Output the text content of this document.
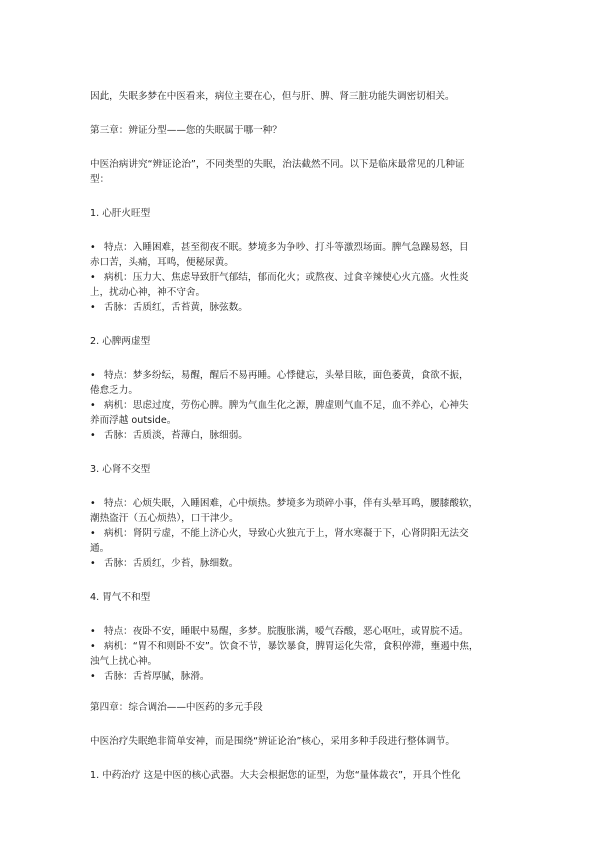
因此，失眠多梦在中医看来，病位主要在心，但与肝、脾、肾三脏功能失调密切相关。

第三章：辨证分型——您的失眠属于哪一种？

中医治病讲究“辨证论治”，不同类型的失眠，治法截然不同。以下是临床最常见的几种证
型：

1. 心肝火旺型

• 特点：入睡困难，甚至彻夜不眠。梦境多为争吵、打斗等激烈场面。脾气急躁易怒，目
赤口苦，头痛，耳鸣，便秘尿黄。
• 病机：压力大、焦虑导致肝气郁结，郁而化火；或熬夜、过食辛辣使心火亢盛。火性炎
上，扰动心神，神不守舍。
• 舌脉：舌质红，舌苔黄，脉弦数。

2. 心脾两虚型

• 特点：梦多纷纭，易醒，醒后不易再睡。心悸健忘，头晕目眩，面色萎黄，食欲不振，
倦怠乏力。
• 病机：思虑过度，劳伤心脾。脾为气血生化之源，脾虚则气血不足，血不养心，心神失
养而浮越 outside。
• 舌脉：舌质淡，苔薄白，脉细弱。

3. 心肾不交型

• 特点：心烦失眠，入睡困难，心中烦热。梦境多为琐碎小事，伴有头晕耳鸣，腰膝酸软，
潮热盗汗（五心烦热），口干津少。
• 病机：肾阴亏虚，不能上济心火，导致心火独亢于上，肾水寒凝于下，心肾阴阳无法交
通。
• 舌脉：舌质红，少苔，脉细数。

4. 胃气不和型

• 特点：夜卧不安，睡眠中易醒，多梦。脘腹胀满，嗳气吞酸，恶心呕吐，或胃脘不适。
• 病机：“胃不和则卧不安”。饮食不节，暴饮暴食，脾胃运化失常，食积停滞，壅遏中焦，
浊气上扰心神。
• 舌脉：舌苔厚腻，脉滑。

第四章：综合调治——中医药的多元手段

中医治疗失眠绝非简单安神，而是围绕“辨证论治”核心，采用多种手段进行整体调节。

1. 中药治疗 这是中医的核心武器。大夫会根据您的证型，为您“量体裁衣”，开具个性化
